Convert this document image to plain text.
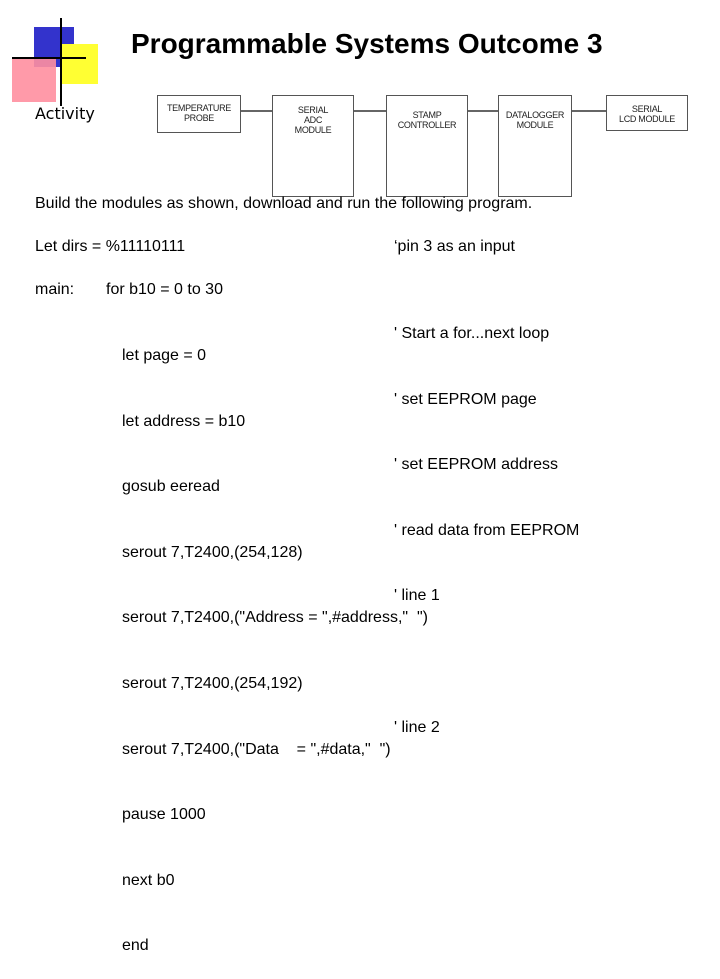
Programmable Systems Outcome 3
Activity	TEMPERATURE
PROBE
SERIAL
ADC
MODULE
STAMP
CONTROLLER
DATALOGGER
MODULE
SERIAL
LCD MODULE
Build the modules as shown, download and run the following program.
Let dirs = %11110111	‘pin 3 as an input
main: for b10 = 0 to 30

let page = 0

let address = b10

gosub eeread

serout 7,T2400,(254,128)

serout 7,T2400,("Address = ",#address,"  ")

serout 7,T2400,(254,192)

serout 7,T2400,("Data    = ",#data,"  ")

pause 1000

next b0

end

' Start a for...next loop

' set EEPROM page

' set EEPROM address

' read data from EEPROM

' line 1

' line 2
